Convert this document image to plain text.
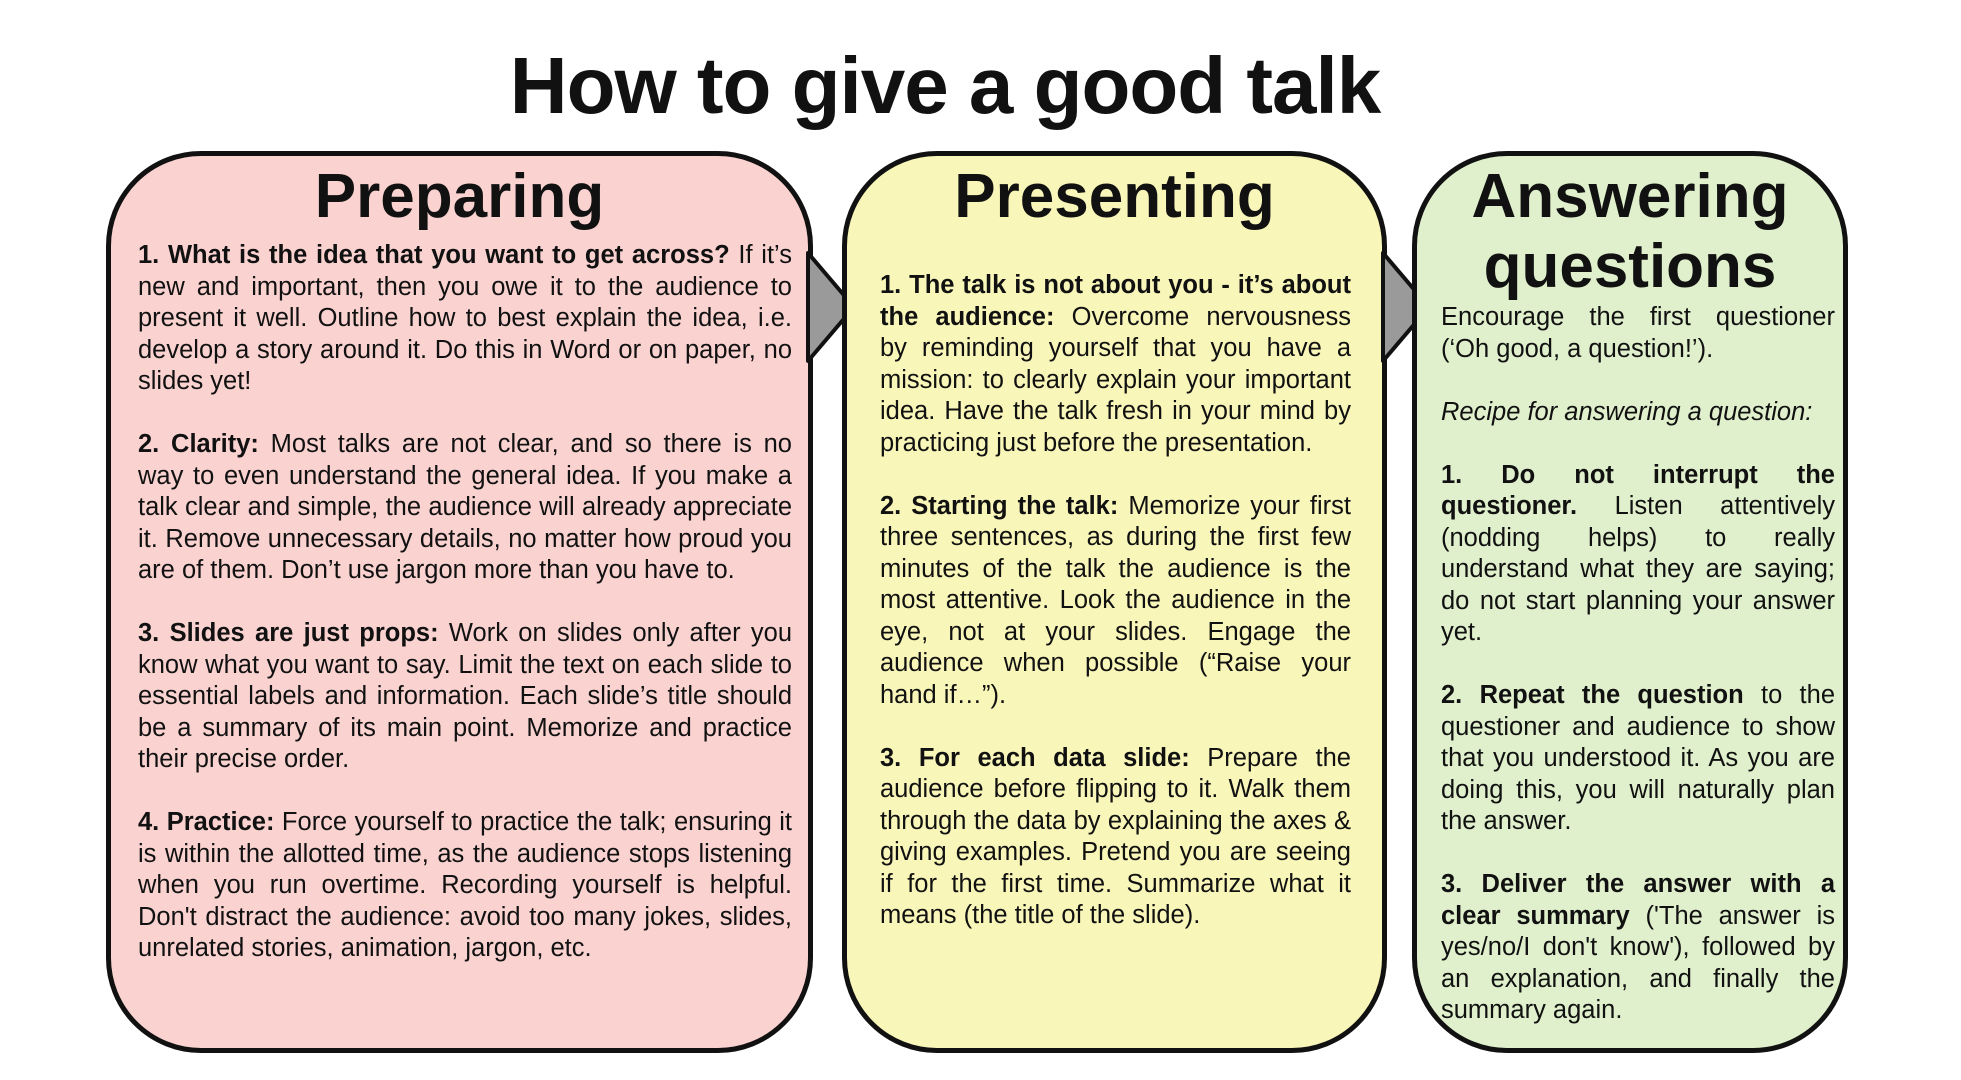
How to give a good talk
Preparing

1. What is the idea that you want to get across? If it’s new and important, then you owe it to the audience to present it well. Outline how to best explain the idea, i.e. develop a story around it. Do this in Word or on paper, no slides yet!

2. Clarity: Most talks are not clear, and so there is no way to even understand the general idea. If you make a talk clear and simple, the audience will already appreciate it. Remove unnecessary details, no matter how proud you are of them. Don’t use jargon more than you have to.

3. Slides are just props: Work on slides only after you know what you want to say. Limit the text on each slide to essential labels and information. Each slide’s title should be a summary of its main point. Memorize and practice their precise order.

4. Practice: Force yourself to practice the talk; ensuring it is within the allotted time, as the audience stops listening when you run overtime. Recording yourself is helpful. Don't distract the audience: avoid too many jokes, slides, unrelated stories, animation, jargon, etc.

Presenting

1. The talk is not about you - it’s about the audience: Overcome nervousness by reminding yourself that you have a mission: to clearly explain your important idea. Have the talk fresh in your mind by practicing just before the presentation.

2. Starting the talk: Memorize your first three sentences, as during the first few minutes of the talk the audience is the most attentive. Look the audience in the eye, not at your slides. Engage the audience when possible (“Raise your hand if…”).

3. For each data slide: Prepare the audience before flipping to it. Walk them through the data by explaining the axes & giving examples. Pretend you are seeing if for the first time. Summarize what it means (the title of the slide).

Answering questions

Encourage the first questioner (‘Oh good, a question!’).

Recipe for answering a question:

1. Do not interrupt the questioner. Listen attentively (nodding helps) to really understand what they are saying; do not start planning your answer yet.

2. Repeat the question to the questioner and audience to show that you understood it. As you are doing this, you will naturally plan the answer.

3. Deliver the answer with a clear summary ('The answer is yes/no/I don't know'), followed by an explanation, and finally the summary again.
